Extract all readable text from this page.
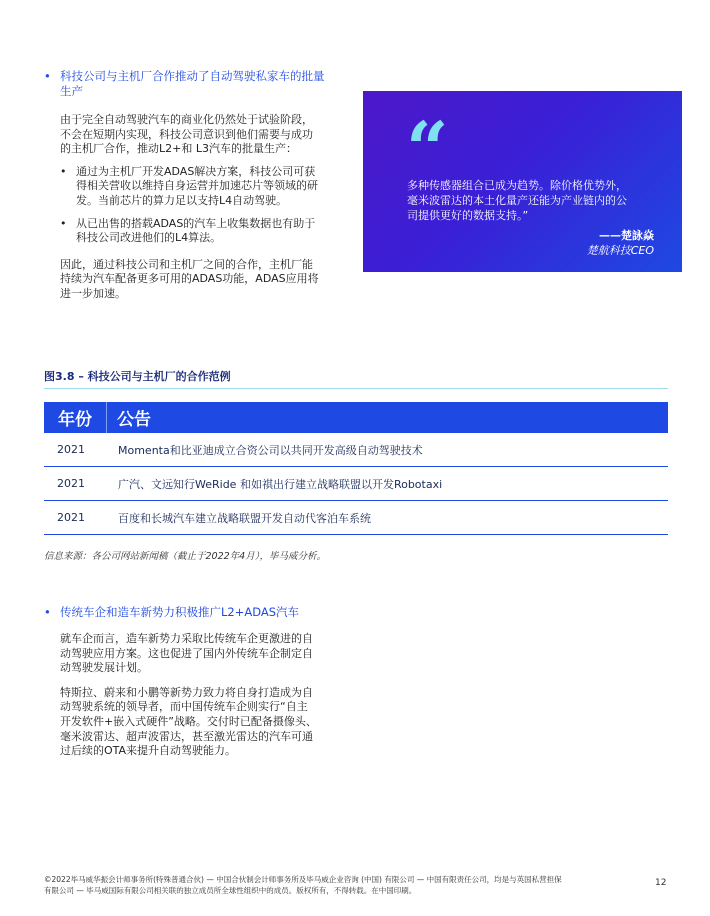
• 科技公司与主机厂合作推动了自动驾驶私家车的批量
生产
由于完全自动驾驶汽车的商业化仍然处于试验阶段，
不会在短期内实现，科技公司意识到他们需要与成功
的主机厂合作，推动L2+和 L3汽车的批量生产：
• 通过为主机厂开发ADAS解决方案，科技公司可获
得相关营收以维持自身运营并加速芯片等领域的研
发。当前芯片的算力足以支持L4自动驾驶。
• 从已出售的搭载ADAS的汽车上收集数据也有助于
科技公司改进他们的L4算法。
因此，通过科技公司和主机厂之间的合作，主机厂能
持续为汽车配备更多可用的ADAS功能，ADAS应用将
进一步加速。
“
多种传感器组合已成为趋势。除价格优势外，
毫米波雷达的本土化量产还能为产业链内的公
司提供更好的数据支持。”
——楚詠焱
楚航科技CEO
图3.8 – 科技公司与主机厂的合作范例
年份	公告
2021	Momenta和比亚迪成立合资公司以共同开发高级自动驾驶技术
2021	广汽、文远知行WeRide 和如祺出行建立战略联盟以开发Robotaxi
2021	百度和长城汽车建立战略联盟开发自动代客泊车系统
信息来源：各公司网站新闻稿（截止于2022年4月），毕马威分析。
• 传统车企和造车新势力积极推广L2+ADAS汽车
就车企而言，造车新势力采取比传统车企更激进的自
动驾驶应用方案。这也促进了国内外传统车企制定自
动驾驶发展计划。
特斯拉、蔚来和小鹏等新势力致力将自身打造成为自
动驾驶系统的领导者，而中国传统车企则实行“自主
开发软件+嵌入式硬件”战略。交付时已配备摄像头、
毫米波雷达、超声波雷达，甚至激光雷达的汽车可通
过后续的OTA来提升自动驾驶能力。
©2022毕马威华振会计师事务所(特殊普通合伙) — 中国合伙制会计师事务所及毕马威企业咨询 (中国) 有限公司 — 中国有限责任公司，均是与英国私营担保
有限公司 — 毕马威国际有限公司相关联的独立成员所全球性组织中的成员。版权所有，不得转载。在中国印刷。
12
